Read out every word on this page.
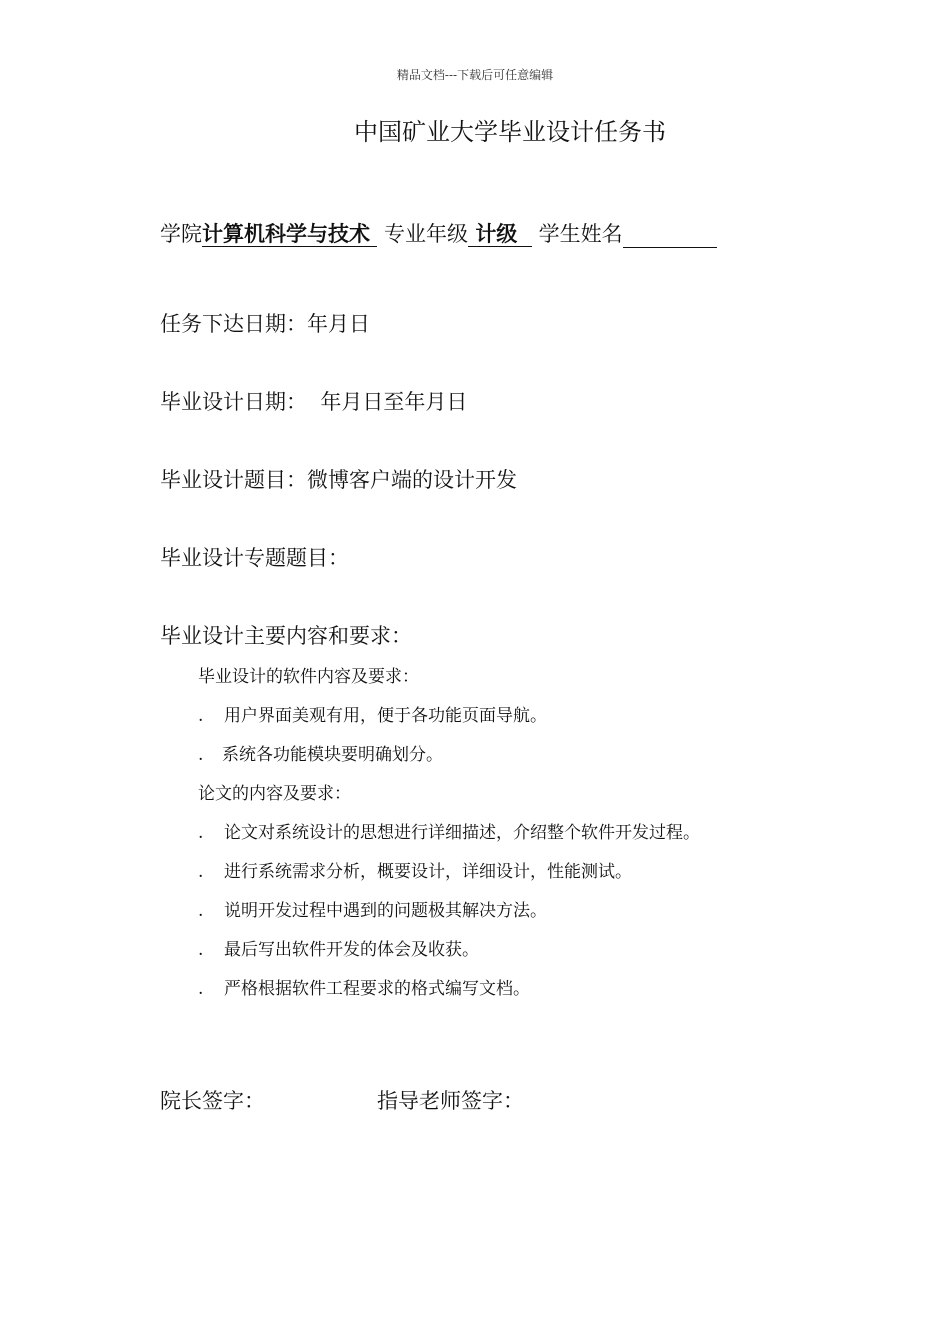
精品文档---下载后可任意编辑
中国矿业大学毕业设计任务书
学院计算机科学与技术 专业年级 计级 学生姓名
任务下达日期：年月日
毕业设计日期： 年月日至年月日
毕业设计题目：微博客户端的设计开发
毕业设计专题题目：
毕业设计主要内容和要求：
毕业设计的软件内容及要求：
. 用户界面美观有用，便于各功能页面导航。
. 系统各功能模块要明确划分。
论文的内容及要求：
. 论文对系统设计的思想进行详细描述，介绍整个软件开发过程。
. 进行系统需求分析，概要设计，详细设计，性能测试。
. 说明开发过程中遇到的问题极其解决方法。
. 最后写出软件开发的体会及收获。
. 严格根据软件工程要求的格式编写文档。
院长签字：	指导老师签字：
